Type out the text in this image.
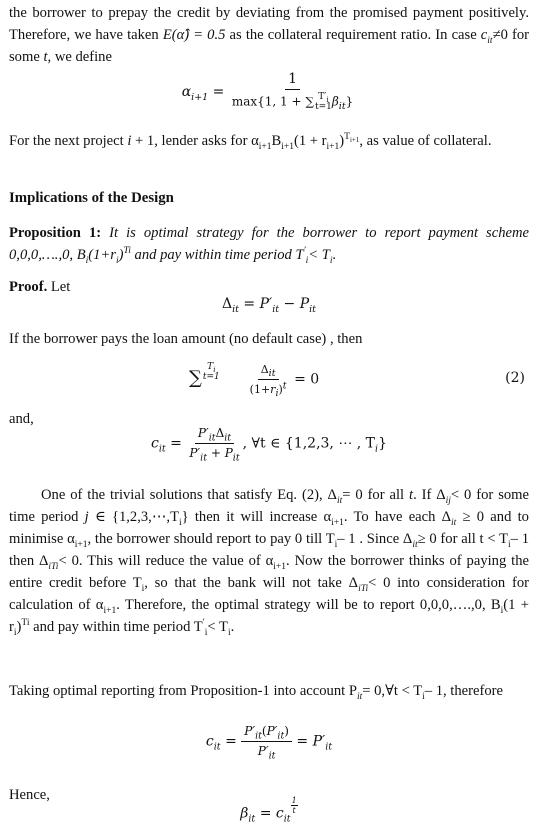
the borrower to prepay the credit by deviating from the promised payment positively. Therefore, we have taken E(α̂) = 0.5 as the collateral requirement ratio. In case $c_{it}\ne 0$ for some t, we define

$\alpha_{i+1} = 1$
max{1, 1 + ∑ $T'_i$
t=1 $\beta_{it}$}

For the next project i + 1, lender asks for $\alpha_{i+1}B_{i+1}(1 + r_{i+1})^{T_{i+1}}$, as value of collateral.

Implications of the Design

Proposition 1: It is optimal strategy for the borrower to report payment scheme 0,0,0,….,0, $B_i(1+r_i)^{Ti}$ and pay within time period $T'_i< T_i$.

Proof. Let

$\Delta_{it} = P'_{it} - P_{it}$

If the borrower pays the loan amount (no default case) , then

∑
$T_i$
t=1
$\frac{\Delta_{it}}{(1+r_i)^t} = 0$	(2)

and,

$c_{it} = \frac{P'_{it}\Delta_{it}}{P'_{it} + P_{it}}$ , ∀t ∈ {1,2,3, ⋯ , $T_i$}

One of the trivial solutions that satisfy Eq. (2), $\Delta_{it}= 0$ for all t. If $\Delta_{ij}< 0$ for some time period j ∈ $\{1,2,3,\cdots,T_i\}$ then it will increase $\alpha_{i+1}$. To have each $\Delta_{it} \ge 0$ and to minimise $\alpha_{i+1}$, the borrower should report to pay 0 till $T_i-$ 1 . Since $\Delta_{it}\ge 0$ for all $t < T_i-$ 1 then $\Delta_{iTi}< 0$. This will reduce the value of $\alpha_{i+1}$. Now the borrower thinks of paying the entire credit before $T_i$, so that the bank will not take $\Delta_{iTi}< 0$ into consideration for calculation of $\alpha_{i+1}$. Therefore, the optimal strategy will be to report 0,0,0,….,0, $B_i(1 + r_i)^{Ti}$ and pay within time period $T'_i< T_i$.

Taking optimal reporting from Proposition-1 into account $P_{it}=$ 0,∀t < $T_i-$ 1, therefore

$c_{it} = \frac{P'_{it}(P'_{it})}{P'_{it}} = P'_{it}$

Hence,

$\beta_{it} = c_{it}$
$^{\frac{1}{t}}$
